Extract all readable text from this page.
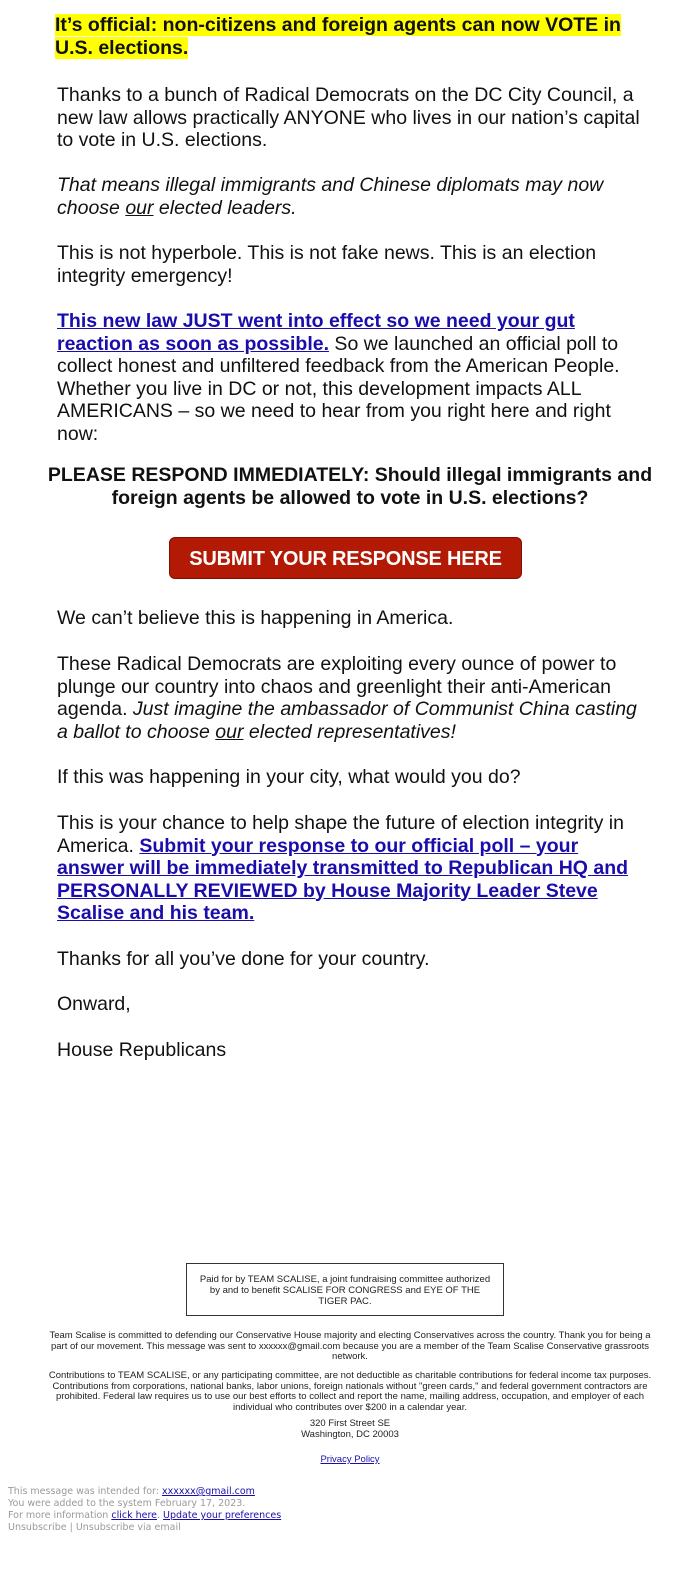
It’s official: non-citizens and foreign agents can now VOTE in U.S. elections.

Thanks to a bunch of Radical Democrats on the DC City Council, a new law allows practically ANYONE who lives in our nation’s capital to vote in U.S. elections.

That means illegal immigrants and Chinese diplomats may now choose our elected leaders.

This is not hyperbole. This is not fake news. This is an election integrity emergency!

This new law JUST went into effect so we need your gut reaction as soon as possible. So we launched an official poll to collect honest and unfiltered feedback from the American People. Whether you live in DC or not, this development impacts ALL AMERICANS – so we need to hear from you right here and right now:

PLEASE RESPOND IMMEDIATELY: Should illegal immigrants and foreign agents be allowed to vote in U.S. elections?

SUBMIT YOUR RESPONSE HERE

We can’t believe this is happening in America.

These Radical Democrats are exploiting every ounce of power to plunge our country into chaos and greenlight their anti-American agenda. Just imagine the ambassador of Communist China casting a ballot to choose our elected representatives!

If this was happening in your city, what would you do?

This is your chance to help shape the future of election integrity in America. Submit your response to our official poll – your answer will be immediately transmitted to Republican HQ and PERSONALLY REVIEWED by House Majority Leader Steve Scalise and his team.

Thanks for all you’ve done for your country.

Onward,

House Republicans

Paid for by TEAM SCALISE, a joint fundraising committee authorized by and to benefit SCALISE FOR CONGRESS and EYE OF THE TIGER PAC.

Team Scalise is committed to defending our Conservative House majority and electing Conservatives across the country. Thank you for being a part of our movement. This message was sent to xxxxxx@gmail.com because you are a member of the Team Scalise Conservative grassroots network.

Contributions to TEAM SCALISE, or any participating committee, are not deductible as charitable contributions for federal income tax purposes. Contributions from corporations, national banks, labor unions, foreign nationals without "green cards," and federal government contractors are prohibited. Federal law requires us to use our best efforts to collect and report the name, mailing address, occupation, and employer of each individual who contributes over $200 in a calendar year.

320 First Street SE

Washington, DC 20003

Privacy Policy

This message was intended for: xxxxxx@gmail.com

You were added to the system February 17, 2023.

For more information click here. Update your preferences

Unsubscribe | Unsubscribe via email
